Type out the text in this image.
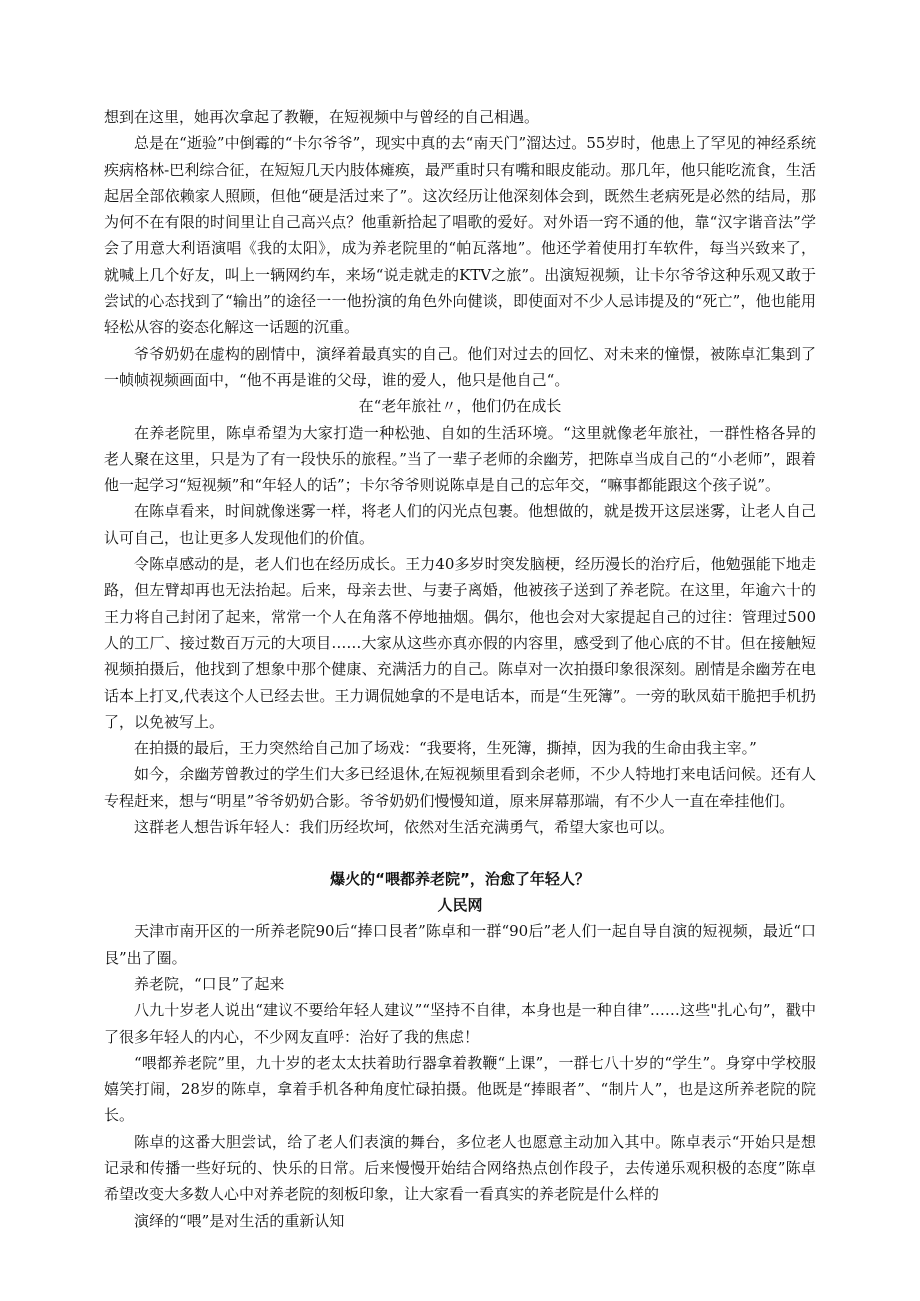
想到在这里，她再次拿起了教鞭，在短视频中与曾经的自己相遇。

总是在“逝验”中倒霉的“卡尔爷爷”，现实中真的去“南天门”溜达过。55岁时，他患上了罕见的神经系统疾病格林-巴利综合征，在短短几天内肢体瘫痪，最严重时只有嘴和眼皮能动。那几年，他只能吃流食，生活起居全部依赖家人照顾，但他“硬是活过来了”。这次经历让他深刻体会到，既然生老病死是必然的结局，那为何不在有限的时间里让自己高兴点？他重新拾起了唱歌的爱好。对外语一窍不通的他，靠“汉字谐音法”学会了用意大利语演唱《我的太阳》，成为养老院里的“帕瓦落地”。他还学着使用打车软件，每当兴致来了，就喊上几个好友，叫上一辆网约车，来场“说走就走的KTV之旅”。出演短视频，让卡尔爷爷这种乐观又敢于尝试的心态找到了“输出”的途径一一他扮演的角色外向健谈，即使面对不少人忌讳提及的“死亡”，他也能用轻松从容的姿态化解这一话题的沉重。

爷爷奶奶在虚构的剧情中，演绎着最真实的自己。他们对过去的回忆、对未来的憧憬，被陈卓汇集到了一帧帧视频画面中，“他不再是谁的父母，谁的爱人，他只是他自己“。

在“老年旅社〃，他们仍在成长

在养老院里，陈卓希望为大家打造一种松弛、自如的生活环境。“这里就像老年旅社，一群性格各异的老人聚在这里，只是为了有一段快乐的旅程。”当了一辈子老师的余幽芳，把陈卓当成自己的“小老师”，跟着他一起学习“短视频”和“年轻人的话”；卡尔爷爷则说陈卓是自己的忘年交，“嘛事都能跟这个孩子说”。

在陈卓看来，时间就像迷雾一样，将老人们的闪光点包裹。他想做的，就是拨开这层迷雾，让老人自己认可自己，也让更多人发现他们的价值。

令陈卓感动的是，老人们也在经历成长。王力40多岁时突发脑梗，经历漫长的治疗后，他勉强能下地走路，但左臂却再也无法抬起。后来，母亲去世、与妻子离婚，他被孩子送到了养老院。在这里，年逾六十的王力将自己封闭了起来，常常一个人在角落不停地抽烟。偶尔，他也会对大家提起自己的过往：管理过500人的工厂、接过数百万元的大项目……大家从这些亦真亦假的内容里，感受到了他心底的不甘。但在接触短视频拍摄后，他找到了想象中那个健康、充满活力的自己。陈卓对一次拍摄印象很深刻。剧情是余幽芳在电话本上打叉,代表这个人已经去世。王力调侃她拿的不是电话本，而是“生死簿”。一旁的耿凤茹干脆把手机扔了，以免被写上。

在拍摄的最后，王力突然给自己加了场戏：“我要将，生死簿，撕掉，因为我的生命由我主宰。”

如今，余幽芳曾教过的学生们大多已经退休,在短视频里看到余老师，不少人特地打来电话问候。还有人专程赶来，想与“明星”爷爷奶奶合影。爷爷奶奶们慢慢知道，原来屏幕那端，有不少人一直在牵挂他们。

这群老人想告诉年轻人：我们历经坎坷，依然对生活充满勇气，希望大家也可以。

爆火的“喂都养老院”，治愈了年轻人？

人民网

天津市南开区的一所养老院90后“捧口艮者”陈卓和一群“90后”老人们一起自导自演的短视频，最近“口艮”出了圈。

养老院，“口艮”了起来

八九十岁老人说出“建议不要给年轻人建议”“坚持不自律，本身也是一种自律”……这些"扎心句”，戳中了很多年轻人的内心，不少网友直呼：治好了我的焦虑！

“喂都养老院”里，九十岁的老太太扶着助行器拿着教鞭“上课”，一群七八十岁的“学生”。身穿中学校服嬉笑打闹，28岁的陈卓，拿着手机各种角度忙碌拍摄。他既是“捧眼者”、“制片人”，也是这所养老院的院长。

陈卓的这番大胆尝试，给了老人们表演的舞台，多位老人也愿意主动加入其中。陈卓表示“开始只是想记录和传播一些好玩的、快乐的日常。后来慢慢开始结合网络热点创作段子，去传递乐观积极的态度”陈卓希望改变大多数人心中对养老院的刻板印象，让大家看一看真实的养老院是什么样的

演绎的“喂”是对生活的重新认知
